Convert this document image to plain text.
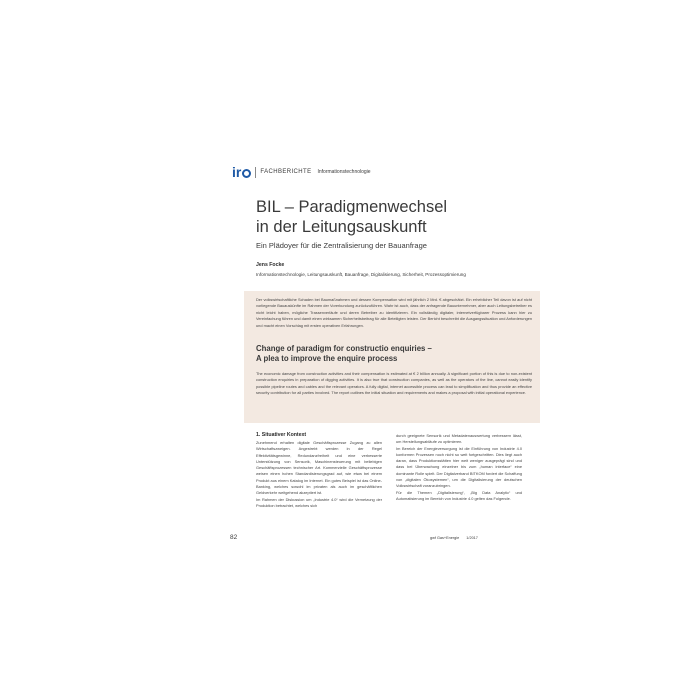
ir	FACHBERICHTE Informationstechnologie
BIL – Paradigmenwechsel
in der Leitungsauskunft
Ein Plädoyer für die Zentralisierung der Bauanfrage
Jens Focke
Informationstechnologie, Leitungsauskunft, Bauanfrage, Digitalisierung, Sicherheit, Prozessoptimierung

Der volkswirtschaftliche Schaden bei Baumaßnahmen und dessen Kompensation wird mit jährlich 2 Mrd. € abgeschätzt. Ein erheblicher Teil davon ist auf nicht vorliegende Bauauskünfte im Rahmen der Vorerkundung zurückzuführen. Wahr ist auch, dass der anfragende Bauunternehmer, aber auch Leitungsbetreiber es nicht leicht haben, mögliche Trassenverläufe und deren Betreiber zu identifizieren. Ein vollständig digitaler, internetverfügbarer Prozess kann hier zu Vereinfachung führen und damit einen wirksamen Sicherheitsbeitrag für alle Beteiligten leisten. Der Bericht beschreibt die Ausgangssituation und Anforderungen und macht einen Vorschlag mit ersten operativen Erfahrungen.

Change of paradigm for constructio enquiries –
A plea to improve the enquire process

The economic damage from construction activities and their compensation is estimated at € 2 billion annually. A significant portion of this is due to non-existent construction enquiries in preparation of digging activities. It is also true that construction companies, as well as the operators of the line, cannot easily identify possible pipeline routes and cables and the relevant operators. A fully digital, internet accessible process can lead to simplification and thus provide an effective security contribution for all parties involved. The report outlines the initial situation and requirements and makes a proposal with initial operational experience.

1. Situativer Kontext

Zunehmend erhalten digitale Geschäftsprozesse Zugang zu allen Wirtschaftszweigen. Angestrebt werden in der Regel Effektivitätsgewinne, Redundanzfreiheit und eine verbesserte Unterstützung von Sensorik, Maschinensteuerung mit beliebigen Geschäftsprozessen technischer Art. Kommerzielle Geschäftsprozesse weisen einen hohen Standardisierungsgrad auf, wie etwa bei einem Produkt aus einem Katalog im Internet. Ein gutes Beispiel ist das Online-Banking, welches sowohl im privaten als auch im geschäftlichen Geldverkehr weitgehend akzeptiert ist.

Im Rahmen der Diskussion um „Industrie 4.0“ wird die Vernetzung der Produktion betrachtet, welches sich

durch geeignete Sensorik und Metadatenauswertung verbessern lässt, um Herstellungsabläufe zu optimieren.

Im Bereich der Energieversorgung ist die Einführung von Industrie 4.0 konformen Prozessen noch nicht so weit fortgeschritten. Dies liegt auch daran, dass Produktionsstätten hier weit weniger ausgeprägt sind und dass bei Überwachung einzelner bis zum „human interface“ eine dominante Rolle spielt. Der Digitalverband BITKOM fordert die Schaffung von „digitalen Ökosystemen“, um die Digitalisierung der deutschen Volkswirtschaft voranzubringen.

Für die Themen „Digitalisierung“, „Big Data Analytic“ und Automatisierung im Bereich von Industrie 4.0 gelten das Folgende.

82	gwf Gas+Energie 1/2017
